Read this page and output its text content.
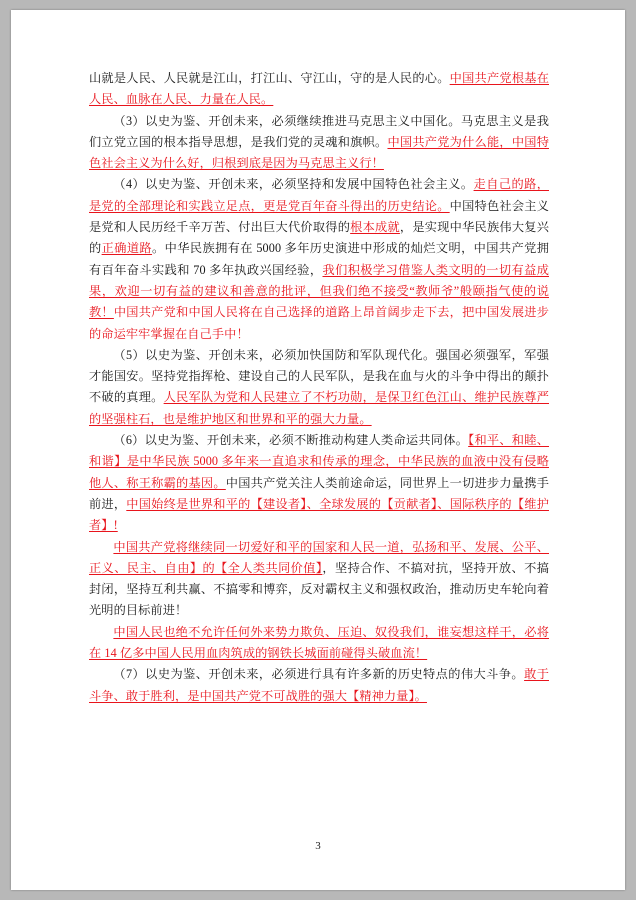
山就是人民、人民就是江山，打江山、守江山，守的是人民的心。中国共产党根基在人民、血脉在人民、力量在人民。

（3）以史为鉴、开创未来，必须继续推进马克思主义中国化。马克思主义是我们立党立国的根本指导思想，是我们党的灵魂和旗帜。中国共产党为什么能，中国特色社会主义为什么好，归根到底是因为马克思主义行！

（4）以史为鉴、开创未来，必须坚持和发展中国特色社会主义。走自己的路，是党的全部理论和实践立足点，更是党百年奋斗得出的历史结论。中国特色社会主义是党和人民历经千辛万苦、付出巨大代价取得的根本成就，是实现中华民族伟大复兴的正确道路。中华民族拥有在 5000 多年历史演进中形成的灿烂文明，中国共产党拥有百年奋斗实践和 70 多年执政兴国经验，我们积极学习借鉴人类文明的一切有益成果，欢迎一切有益的建议和善意的批评，但我们绝不接受“教师爷”般颐指气使的说教！中国共产党和中国人民将在自己选择的道路上昂首阔步走下去，把中国发展进步的命运牢牢掌握在自己手中！

（5）以史为鉴、开创未来，必须加快国防和军队现代化。强国必须强军，军强才能国安。坚持党指挥枪、建设自己的人民军队，是我在血与火的斗争中得出的颠扑不破的真理。人民军队为党和人民建立了不朽功勋，是保卫红色江山、维护民族尊严的坚强柱石，也是维护地区和世界和平的强大力量。

（6）以史为鉴、开创未来，必须不断推动构建人类命运共同体。【和平、和睦、和谐】是中华民族 5000 多年来一直追求和传承的理念，中华民族的血液中没有侵略他人、称王称霸的基因。中国共产党关注人类前途命运，同世界上一切进步力量携手前进，中国始终是世界和平的【建设者】、全球发展的【贡献者】、国际秩序的【维护者】!

中国共产党将继续同一切爱好和平的国家和人民一道，弘扬和平、发展、公平、正义、民主、自由】的【全人类共同价值】，坚持合作、不搞对抗，坚持开放、不搞封闭，坚持互利共赢、不搞零和博弈，反对霸权主义和强权政治，推动历史车轮向着光明的目标前进！

中国人民也绝不允许任何外来势力欺负、压迫、奴役我们，谁妄想这样干，必将在 14 亿多中国人民用血肉筑成的钢铁长城面前碰得头破血流！

（7）以史为鉴、开创未来，必须进行具有许多新的历史特点的伟大斗争。敢于斗争、敢于胜利，是中国共产党不可战胜的强大【精神力量】。

3
